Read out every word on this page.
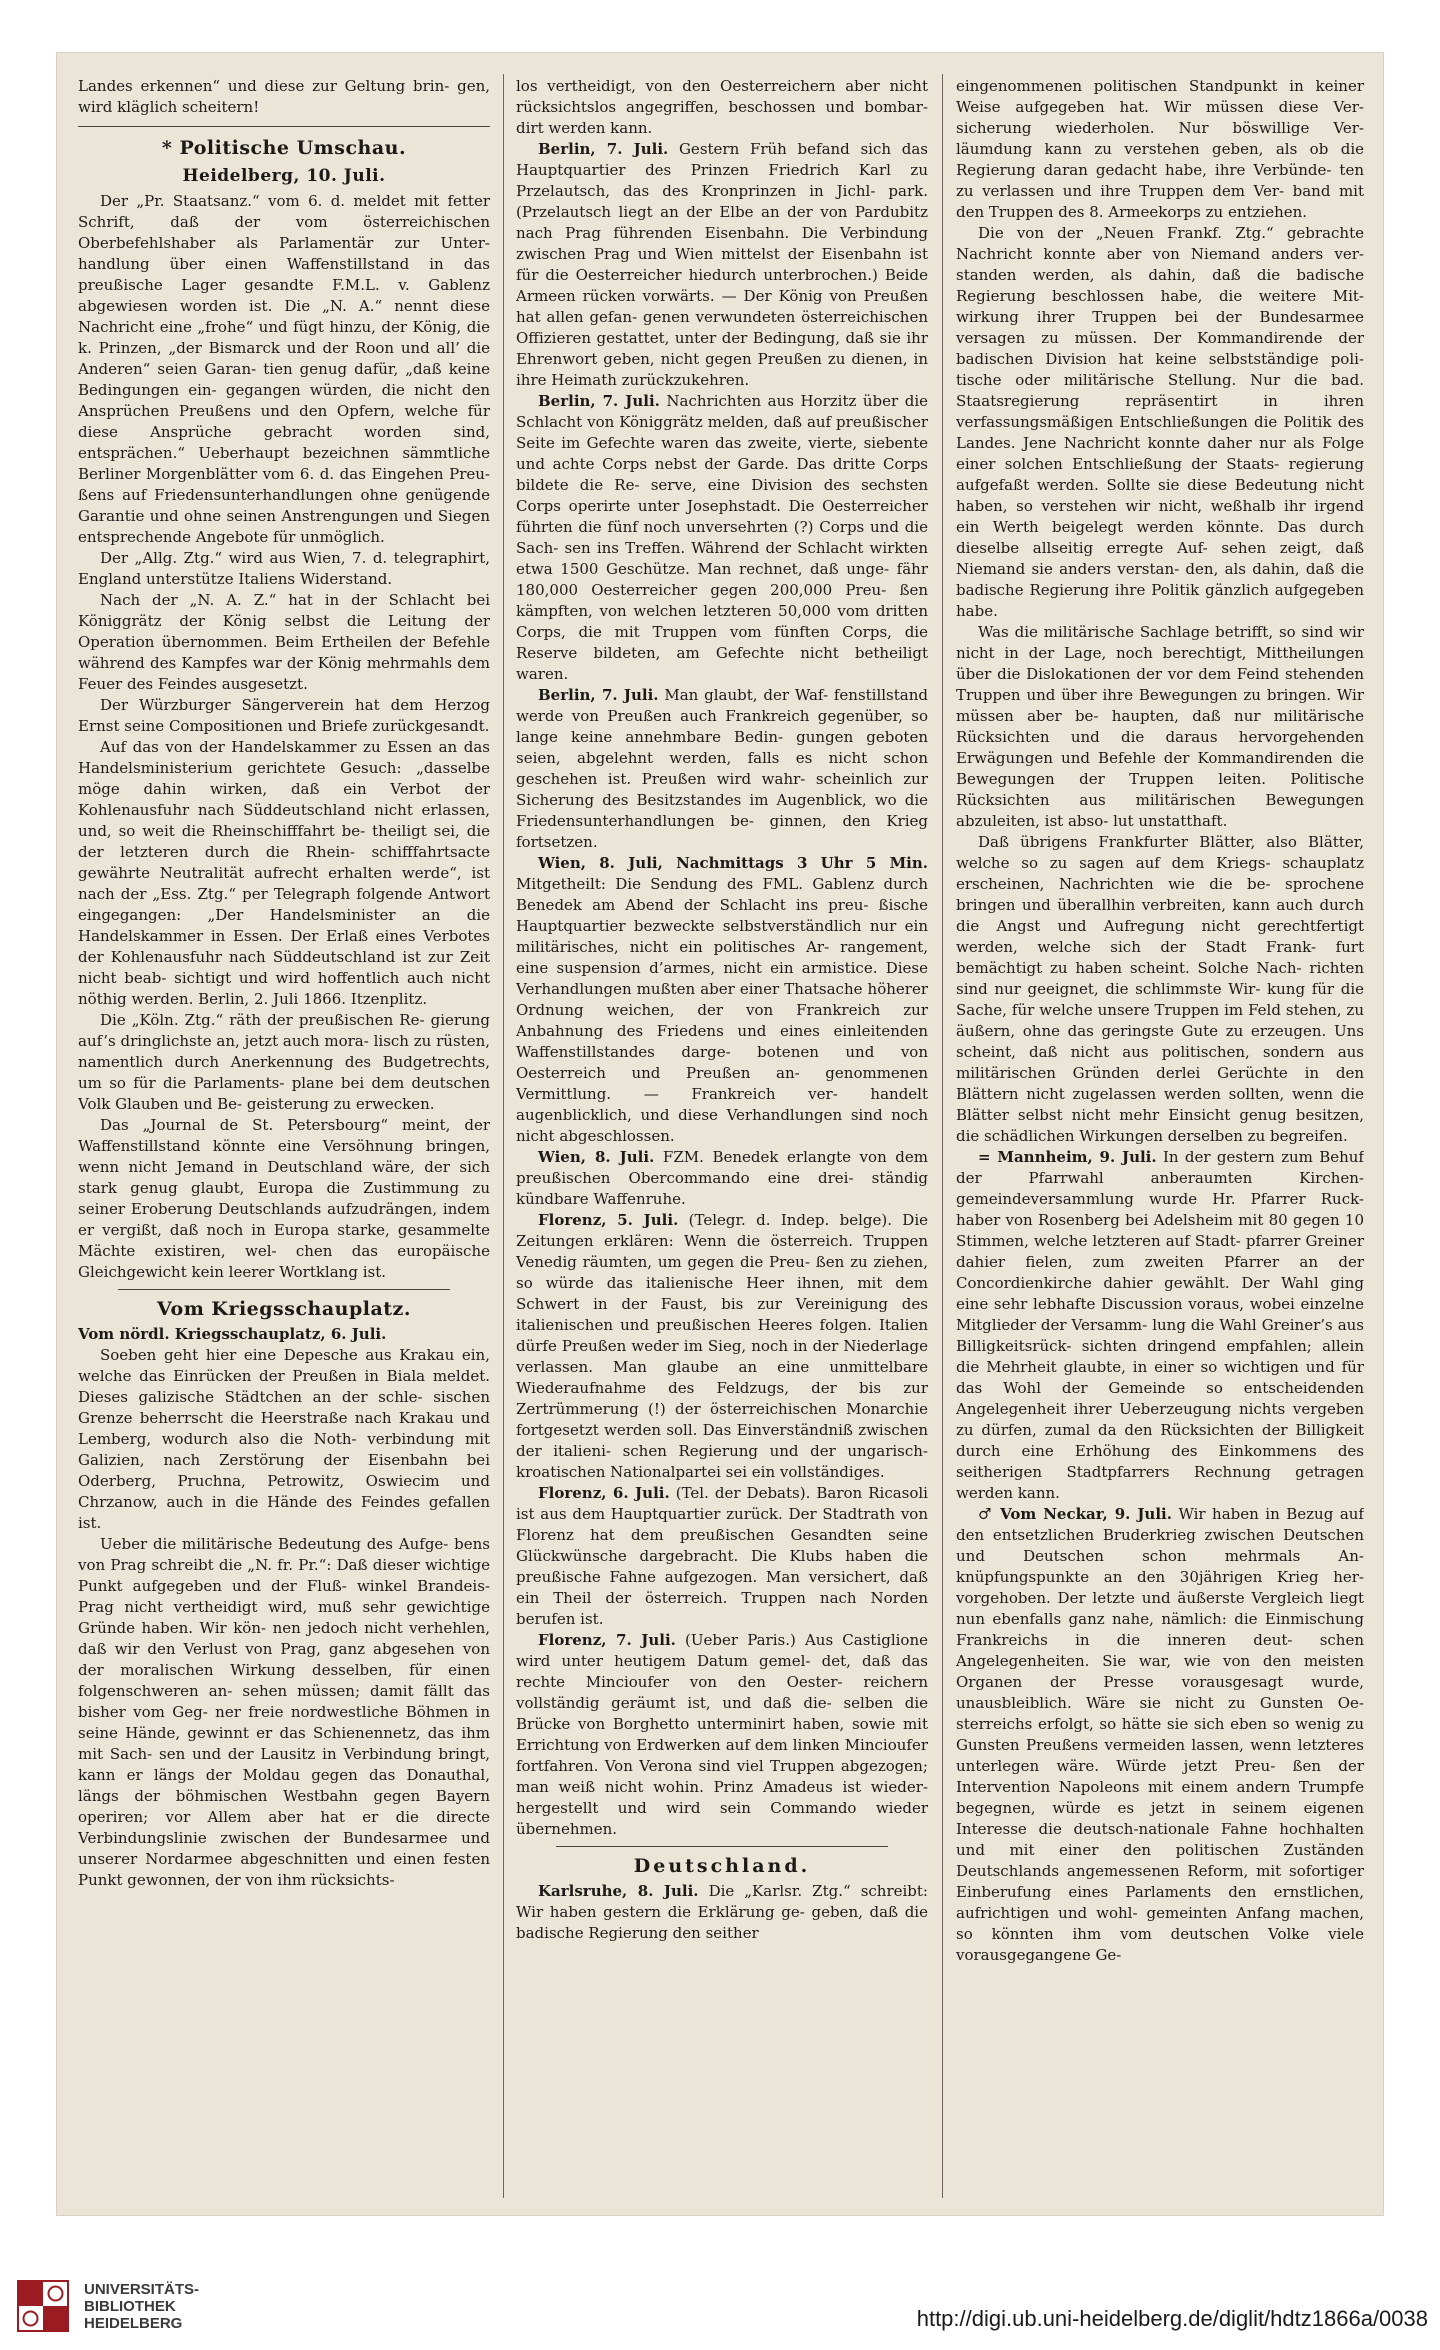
Landes erkennen“ und diese zur Geltung brin- gen, wird kläglich scheitern!

* Politische Umschau.
Heidelberg, 10. Juli.

Der „Pr. Staatsanz.“ vom 6. d. meldet mit fetter Schrift, daß der vom österreichischen Oberbefehlshaber als Parlamentär zur Unter- handlung über einen Waffenstillstand in das preußische Lager gesandte F.M.L. v. Gablenz abgewiesen worden ist. Die „N. A.“ nennt diese Nachricht eine „frohe“ und fügt hinzu, der König, die k. Prinzen, „der Bismarck und der Roon und all’ die Anderen“ seien Garan- tien genug dafür, „daß keine Bedingungen ein- gegangen würden, die nicht den Ansprüchen Preußens und den Opfern, welche für diese Ansprüche gebracht worden sind, entsprächen.“ Ueberhaupt bezeichnen sämmtliche Berliner Morgenblätter vom 6. d. das Eingehen Preu- ßens auf Friedensunterhandlungen ohne genügende Garantie und ohne seinen Anstrengungen und Siegen entsprechende Angebote für unmöglich.

Der „Allg. Ztg.“ wird aus Wien, 7. d. telegraphirt, England unterstütze Italiens Widerstand.

Nach der „N. A. Z.“ hat in der Schlacht bei Königgrätz der König selbst die Leitung der Operation übernommen. Beim Ertheilen der Befehle während des Kampfes war der König mehrmahls dem Feuer des Feindes ausgesetzt.

Der Würzburger Sängerverein hat dem Herzog Ernst seine Compositionen und Briefe zurückgesandt.

Auf das von der Handelskammer zu Essen an das Handelsministerium gerichtete Gesuch: „dasselbe möge dahin wirken, daß ein Verbot der Kohlenausfuhr nach Süddeutschland nicht erlassen, und, so weit die Rheinschifffahrt be- theiligt sei, die der letzteren durch die Rhein- schifffahrtsacte gewährte Neutralität aufrecht erhalten werde“, ist nach der „Ess. Ztg.“ per Telegraph folgende Antwort eingegangen: „Der Handelsminister an die Handelskammer in Essen. Der Erlaß eines Verbotes der Kohlenausfuhr nach Süddeutschland ist zur Zeit nicht beab- sichtigt und wird hoffentlich auch nicht nöthig werden. Berlin, 2. Juli 1866. Itzenplitz.

Die „Köln. Ztg.“ räth der preußischen Re- gierung auf’s dringlichste an, jetzt auch mora- lisch zu rüsten, namentlich durch Anerkennung des Budgetrechts, um so für die Parlaments- plane bei dem deutschen Volk Glauben und Be- geisterung zu erwecken.

Das „Journal de St. Petersbourg“ meint, der Waffenstillstand könnte eine Versöhnung bringen, wenn nicht Jemand in Deutschland wäre, der sich stark genug glaubt, Europa die Zustimmung zu seiner Eroberung Deutschlands aufzudrängen, indem er vergißt, daß noch in Europa starke, gesammelte Mächte existiren, wel- chen das europäische Gleichgewicht kein leerer Wortklang ist.

Vom Kriegsschauplatz.

Vom nördl. Kriegsschauplatz, 6. Juli.

Soeben geht hier eine Depesche aus Krakau ein, welche das Einrücken der Preußen in Biala meldet. Dieses galizische Städtchen an der schle- sischen Grenze beherrscht die Heerstraße nach Krakau und Lemberg, wodurch also die Noth- verbindung mit Galizien, nach Zerstörung der Eisenbahn bei Oderberg, Pruchna, Petrowitz, Oswiecim und Chrzanow, auch in die Hände des Feindes gefallen ist.

Ueber die militärische Bedeutung des Aufge- bens von Prag schreibt die „N. fr. Pr.“: Daß dieser wichtige Punkt aufgegeben und der Fluß- winkel Brandeis-Prag nicht vertheidigt wird, muß sehr gewichtige Gründe haben. Wir kön- nen jedoch nicht verhehlen, daß wir den Verlust von Prag, ganz abgesehen von der moralischen Wirkung desselben, für einen folgenschweren an- sehen müssen; damit fällt das bisher vom Geg- ner freie nordwestliche Böhmen in seine Hände, gewinnt er das Schienennetz, das ihm mit Sach- sen und der Lausitz in Verbindung bringt, kann er längs der Moldau gegen das Donauthal, längs der böhmischen Westbahn gegen Bayern operiren; vor Allem aber hat er die directe Verbindungslinie zwischen der Bundesarmee und unserer Nordarmee abgeschnitten und einen festen Punkt gewonnen, der von ihm rücksichts-

los vertheidigt, von den Oesterreichern aber nicht rücksichtslos angegriffen, beschossen und bombar- dirt werden kann.

Berlin, 7. Juli. Gestern Früh befand sich das Hauptquartier des Prinzen Friedrich Karl zu Przelautsch, das des Kronprinzen in Jichl- park. (Przelautsch liegt an der Elbe an der von Pardubitz nach Prag führenden Eisenbahn. Die Verbindung zwischen Prag und Wien mittelst der Eisenbahn ist für die Oesterreicher hiedurch unterbrochen.) Beide Armeen rücken vorwärts. — Der König von Preußen hat allen gefan- genen verwundeten österreichischen Offizieren gestattet, unter der Bedingung, daß sie ihr Ehrenwort geben, nicht gegen Preußen zu dienen, in ihre Heimath zurückzukehren.

Berlin, 7. Juli. Nachrichten aus Horzitz über die Schlacht von Königgrätz melden, daß auf preußischer Seite im Gefechte waren das zweite, vierte, siebente und achte Corps nebst der Garde. Das dritte Corps bildete die Re- serve, eine Division des sechsten Corps operirte unter Josephstadt. Die Oesterreicher führten die fünf noch unversehrten (?) Corps und die Sach- sen ins Treffen. Während der Schlacht wirkten etwa 1500 Geschütze. Man rechnet, daß unge- fähr 180,000 Oesterreicher gegen 200,000 Preu- ßen kämpften, von welchen letzteren 50,000 vom dritten Corps, die mit Truppen vom fünften Corps, die Reserve bildeten, am Gefechte nicht betheiligt waren.

Berlin, 7. Juli. Man glaubt, der Waf- fenstillstand werde von Preußen auch Frankreich gegenüber, so lange keine annehmbare Bedin- gungen geboten seien, abgelehnt werden, falls es nicht schon geschehen ist. Preußen wird wahr- scheinlich zur Sicherung des Besitzstandes im Augenblick, wo die Friedensunterhandlungen be- ginnen, den Krieg fortsetzen.

Wien, 8. Juli, Nachmittags 3 Uhr 5 Min. Mitgetheilt: Die Sendung des FML. Gablenz durch Benedek am Abend der Schlacht ins preu- ßische Hauptquartier bezweckte selbstverständlich nur ein militärisches, nicht ein politisches Ar- rangement, eine suspension d’armes, nicht ein armistice. Diese Verhandlungen mußten aber einer Thatsache höherer Ordnung weichen, der von Frankreich zur Anbahnung des Friedens und eines einleitenden Waffenstillstandes darge- botenen und von Oesterreich und Preußen an- genommenen Vermittlung. — Frankreich ver- handelt augenblicklich, und diese Verhandlungen sind noch nicht abgeschlossen.

Wien, 8. Juli. FZM. Benedek erlangte von dem preußischen Obercommando eine drei- ständig kündbare Waffenruhe.

Florenz, 5. Juli. (Telegr. d. Indep. belge). Die Zeitungen erklären: Wenn die österreich. Truppen Venedig räumten, um gegen die Preu- ßen zu ziehen, so würde das italienische Heer ihnen, mit dem Schwert in der Faust, bis zur Vereinigung des italienischen und preußischen Heeres folgen. Italien dürfe Preußen weder im Sieg, noch in der Niederlage verlassen. Man glaube an eine unmittelbare Wiederaufnahme des Feldzugs, der bis zur Zertrümmerung (!) der österreichischen Monarchie fortgesetzt werden soll. Das Einverständniß zwischen der italieni- schen Regierung und der ungarisch-kroatischen Nationalpartei sei ein vollständiges.

Florenz, 6. Juli. (Tel. der Debats). Baron Ricasoli ist aus dem Hauptquartier zurück. Der Stadtrath von Florenz hat dem preußischen Gesandten seine Glückwünsche dargebracht. Die Klubs haben die preußische Fahne aufgezogen. Man versichert, daß ein Theil der österreich. Truppen nach Norden berufen ist.

Florenz, 7. Juli. (Ueber Paris.) Aus Castiglione wird unter heutigem Datum gemel- det, daß das rechte Mincioufer von den Oester- reichern vollständig geräumt ist, und daß die- selben die Brücke von Borghetto unterminirt haben, sowie mit Errichtung von Erdwerken auf dem linken Mincioufer fortfahren. Von Verona sind viel Truppen abgezogen; man weiß nicht wohin. Prinz Amadeus ist wieder- hergestellt und wird sein Commando wieder übernehmen.

Deutschland.

Karlsruhe, 8. Juli. Die „Karlsr. Ztg.“ schreibt: Wir haben gestern die Erklärung ge- geben, daß die badische Regierung den seither

eingenommenen politischen Standpunkt in keiner Weise aufgegeben hat. Wir müssen diese Ver- sicherung wiederholen. Nur böswillige Ver- läumdung kann zu verstehen geben, als ob die Regierung daran gedacht habe, ihre Verbünde- ten zu verlassen und ihre Truppen dem Ver- band mit den Truppen des 8. Armeekorps zu entziehen.

Die von der „Neuen Frankf. Ztg.“ gebrachte Nachricht konnte aber von Niemand anders ver- standen werden, als dahin, daß die badische Regierung beschlossen habe, die weitere Mit- wirkung ihrer Truppen bei der Bundesarmee versagen zu müssen. Der Kommandirende der badischen Division hat keine selbstständige poli- tische oder militärische Stellung. Nur die bad. Staatsregierung repräsentirt in ihren verfassungsmäßigen Entschließungen die Politik des Landes. Jene Nachricht konnte daher nur als Folge einer solchen Entschließung der Staats- regierung aufgefaßt werden. Sollte sie diese Bedeutung nicht haben, so verstehen wir nicht, weßhalb ihr irgend ein Werth beigelegt werden könnte. Das durch dieselbe allseitig erregte Auf- sehen zeigt, daß Niemand sie anders verstan- den, als dahin, daß die badische Regierung ihre Politik gänzlich aufgegeben habe.

Was die militärische Sachlage betrifft, so sind wir nicht in der Lage, noch berechtigt, Mittheilungen über die Dislokationen der vor dem Feind stehenden Truppen und über ihre Bewegungen zu bringen. Wir müssen aber be- haupten, daß nur militärische Rücksichten und die daraus hervorgehenden Erwägungen und Befehle der Kommandirenden die Bewegungen der Truppen leiten. Politische Rücksichten aus militärischen Bewegungen abzuleiten, ist abso- lut unstatthaft.

Daß übrigens Frankfurter Blätter, also Blätter, welche so zu sagen auf dem Kriegs- schauplatz erscheinen, Nachrichten wie die be- sprochene bringen und überallhin verbreiten, kann auch durch die Angst und Aufregung nicht gerechtfertigt werden, welche sich der Stadt Frank- furt bemächtigt zu haben scheint. Solche Nach- richten sind nur geeignet, die schlimmste Wir- kung für die Sache, für welche unsere Truppen im Feld stehen, zu äußern, ohne das geringste Gute zu erzeugen. Uns scheint, daß nicht aus politischen, sondern aus militärischen Gründen derlei Gerüchte in den Blättern nicht zugelassen werden sollten, wenn die Blätter selbst nicht mehr Einsicht genug besitzen, die schädlichen Wirkungen derselben zu begreifen.

= Mannheim, 9. Juli. In der gestern zum Behuf der Pfarrwahl anberaumten Kirchen- gemeindeversammlung wurde Hr. Pfarrer Ruck- haber von Rosenberg bei Adelsheim mit 80 gegen 10 Stimmen, welche letzteren auf Stadt- pfarrer Greiner dahier fielen, zum zweiten Pfarrer an der Concordienkirche dahier gewählt. Der Wahl ging eine sehr lebhafte Discussion voraus, wobei einzelne Mitglieder der Versamm- lung die Wahl Greiner’s aus Billigkeitsrück- sichten dringend empfahlen; allein die Mehrheit glaubte, in einer so wichtigen und für das Wohl der Gemeinde so entscheidenden Angelegenheit ihrer Ueberzeugung nichts vergeben zu dürfen, zumal da den Rücksichten der Billigkeit durch eine Erhöhung des Einkommens des seitherigen Stadtpfarrers Rechnung getragen werden kann.

♂ Vom Neckar, 9. Juli. Wir haben in Bezug auf den entsetzlichen Bruderkrieg zwischen Deutschen und Deutschen schon mehrmals An- knüpfungspunkte an den 30jährigen Krieg her- vorgehoben. Der letzte und äußerste Vergleich liegt nun ebenfalls ganz nahe, nämlich: die Einmischung Frankreichs in die inneren deut- schen Angelegenheiten. Sie war, wie von den meisten Organen der Presse vorausgesagt wurde, unausbleiblich. Wäre sie nicht zu Gunsten Oe- sterreichs erfolgt, so hätte sie sich eben so wenig zu Gunsten Preußens vermeiden lassen, wenn letzteres unterlegen wäre. Würde jetzt Preu- ßen der Intervention Napoleons mit einem andern Trumpfe begegnen, würde es jetzt in seinem eigenen Interesse die deutsch-nationale Fahne hochhalten und mit einer den politischen Zuständen Deutschlands angemessenen Reform, mit sofortiger Einberufung eines Parlaments den ernstlichen, aufrichtigen und wohl- gemeinten Anfang machen, so könnten ihm vom deutschen Volke viele vorausgegangene Ge-

UNIVERSITÄTS-
BIBLIOTHEK
HEIDELBERG	http://digi.ub.uni-heidelberg.de/diglit/hdtz1866a/0038
